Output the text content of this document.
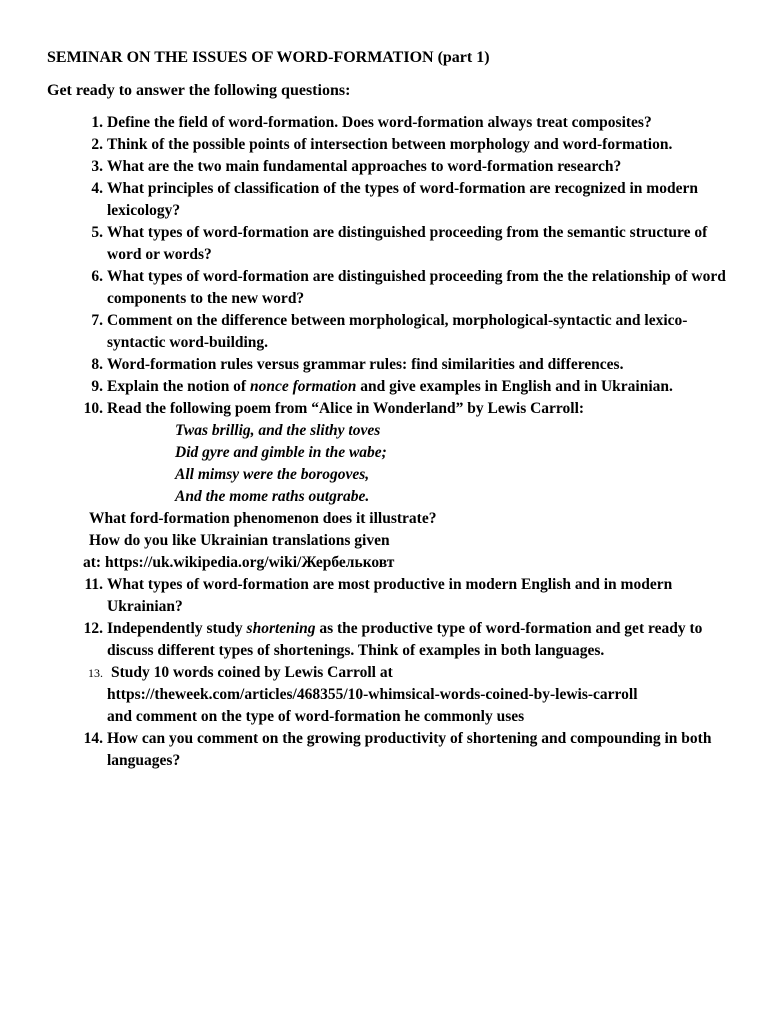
SEMINAR ON THE ISSUES OF WORD-FORMATION (part 1)
Get ready to answer the following questions:
1. Define the field of word-formation. Does word-formation always treat composites?
2. Think of the possible points of intersection between morphology and word-formation.
3. What are the two main fundamental approaches to word-formation research?
4. What principles of classification of the types of word-formation are recognized in modern lexicology?
5. What types of word-formation are distinguished proceeding from the semantic structure of word or words?
6. What types of word-formation are distinguished proceeding from the the relationship of word components to the new word?
7. Comment on the difference between morphological, morphological-syntactic and lexico-syntactic word-building.
8. Word-formation rules versus grammar rules: find similarities and differences.
9. Explain the notion of nonce formation and give examples in English and in Ukrainian.
10. Read the following poem from “Alice in Wonderland” by Lewis Carroll:
Twas brillig, and the slithy toves
Did gyre and gimble in the wabe;
All mimsy were the borogoves,
And the mome raths outgrabe.
What ford-formation phenomenon does it illustrate?
How do you like Ukrainian translations given
at: https://uk.wikipedia.org/wiki/Жербельковт
11. What types of word-formation are most productive in modern English and in modern Ukrainian?
12. Independently study shortening as the productive type of word-formation and get ready to discuss different types of shortenings. Think of examples in both languages.
13. Study 10 words coined by Lewis Carroll at
https://theweek.com/articles/468355/10-whimsical-words-coined-by-lewis-carroll
and comment on the type of word-formation he commonly uses
14. How can you comment on the growing productivity of shortening and compounding in both languages?
